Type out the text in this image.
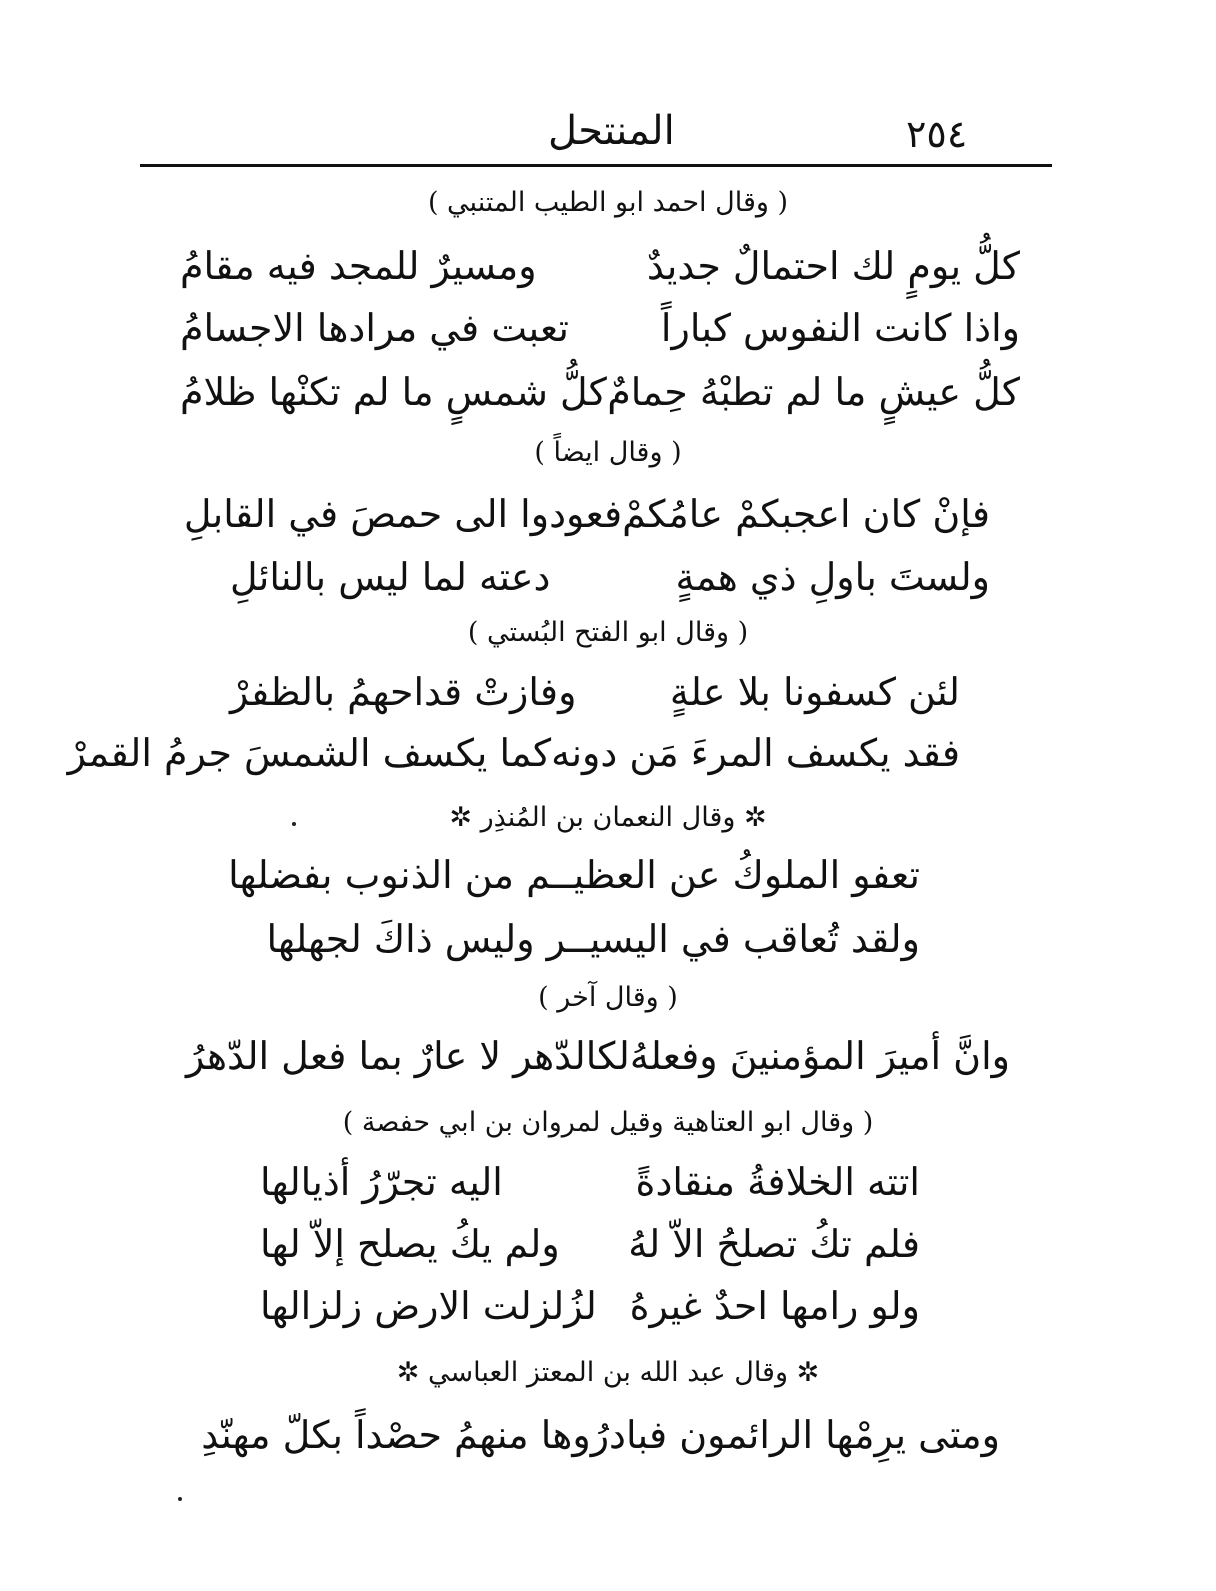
٢٥٤
المنتحل
( وقال احمد ابو الطيب المتنبي )
كلُّ يومٍ لك احتمالٌ جديدٌ
ومسيرٌ للمجد فيه مقامُ
واذا كانت النفوس كباراً
تعبت في مرادها الاجسامُ
كلُّ عيشٍ ما لم تطبْهُ حِمامٌ
كلُّ شمسٍ ما لم تكنْها ظلامُ
( وقال ايضاً )
فإنْ كان اعجبكمْ عامُكمْ
فعودوا الى حمصَ في القابلِ
ولستَ باولِ ذي همةٍ
دعته لما ليس بالنائلِ
( وقال ابو الفتح البُستي )
لئن كسفونا بلا علةٍ
وفازتْ قداحهمُ بالظفرْ
فقد يكسف المرءَ مَن دونه
كما يكسف الشمسَ جرمُ القمرْ
✲ وقال النعمان بن المُنذِر ✲
تعفو الملوكُ عن العظيـ
ـم من الذنوب بفضلها
ولقد تُعاقب في اليسيـ
ـر وليس ذاكَ لجهلها
( وقال آخر )
وانَّ أميرَ المؤمنينَ وفعلهُ
لكالدّهر لا عارٌ بما فعل الدّهرُ
( وقال ابو العتاهية وقيل لمروان بن ابي حفصة )
اتته الخلافةُ منقادةً
اليه تجرّرُ أذيالها
فلم تكُ تصلحُ الاّ لهُ
ولم يكُ يصلح إلاّ لها
ولو رامها احدٌ غيرهُ
لزُلزلت الارض زلزالها
✲ وقال عبد الله بن المعتز العباسي ✲
ومتى يرِمْها الرائمون فبادرُو
ها منهمُ حصْداً بكلّ مهنّدِ
